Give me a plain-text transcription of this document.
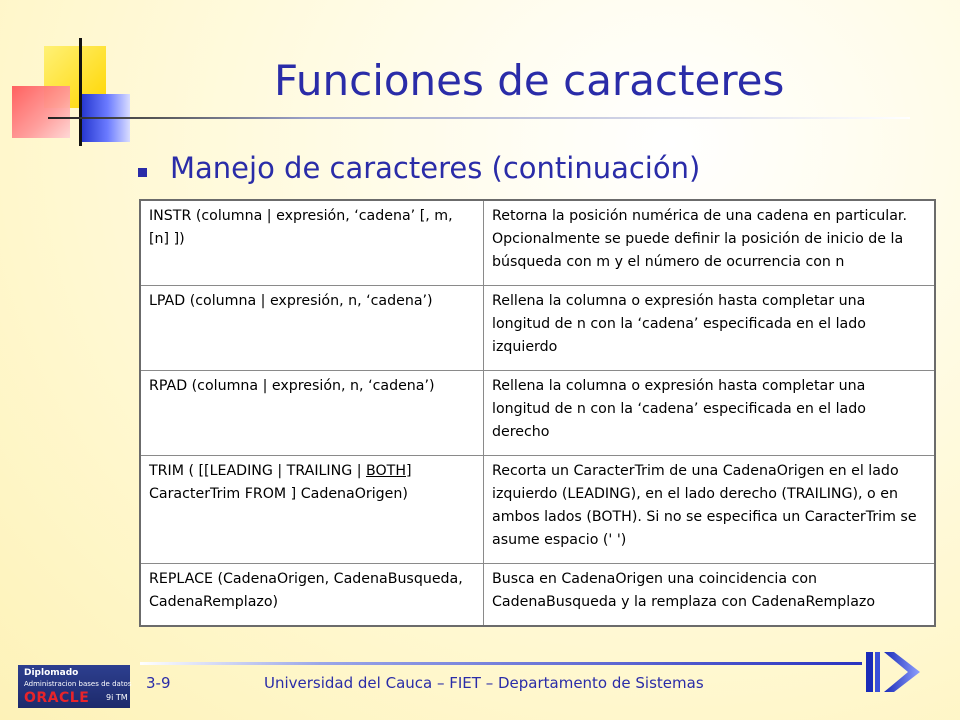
Funciones de caracteres
Manejo de caracteres (continuación)
INSTR (columna | expresión, ‘cadena’ [, m, [n] ])	Retorna la posición numérica de una cadena en particular. Opcionalmente se puede definir la posición de inicio de la búsqueda con m y el número de ocurrencia con n
LPAD (columna | expresión, n, ‘cadena’)	Rellena la columna o expresión hasta completar una longitud de n con la ‘cadena’ especificada en el lado izquierdo
RPAD (columna | expresión, n, ‘cadena’)	Rellena la columna o expresión hasta completar una longitud de n con la ‘cadena’ especificada en el lado derecho
TRIM ( [[LEADING | TRAILING | BOTH] CaracterTrim FROM ] CadenaOrigen)	Recorta un CaracterTrim de una CadenaOrigen en el lado izquierdo (LEADING), en el lado derecho (TRAILING), o en ambos lados (BOTH). Si no se especifica un CaracterTrim se asume espacio (' ')
REPLACE (CadenaOrigen, CadenaBusqueda, CadenaRemplazo)	Busca en CadenaOrigen una coincidencia con CadenaBusqueda y la remplaza con CadenaRemplazo
Diplomado
Administracion bases de datos
ORACLE 9i TM
3-9	Universidad del Cauca – FIET – Departamento de Sistemas
